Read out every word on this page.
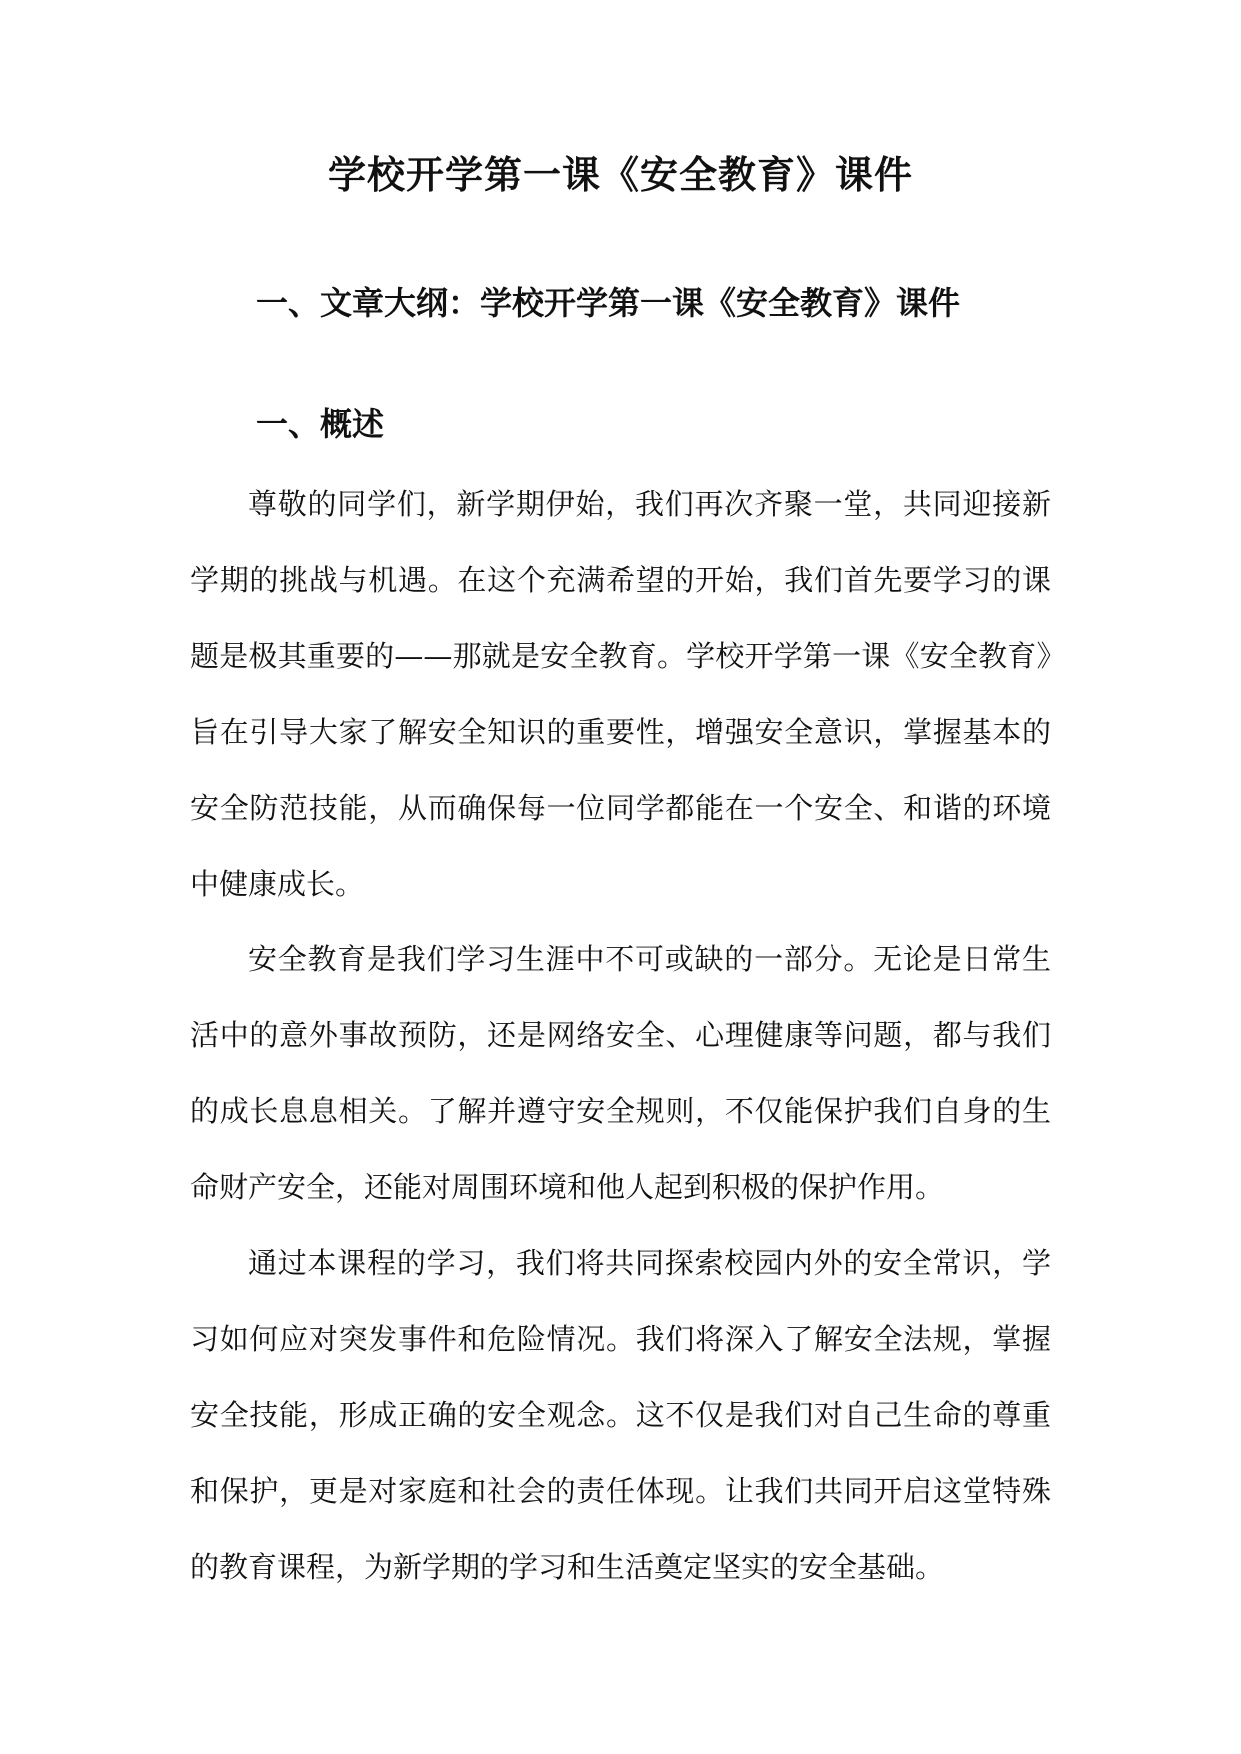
学校开学第一课《安全教育》课件
一、文章大纲：学校开学第一课《安全教育》课件
一、概述

尊敬的同学们，新学期伊始，我们再次齐聚一堂，共同迎接新学期的挑战与机遇。在这个充满希望的开始，我们首先要学习的课题是极其重要的——那就是安全教育。学校开学第一课《安全教育》旨在引导大家了解安全知识的重要性，增强安全意识，掌握基本的安全防范技能，从而确保每一位同学都能在一个安全、和谐的环境中健康成长。

安全教育是我们学习生涯中不可或缺的一部分。无论是日常生活中的意外事故预防，还是网络安全、心理健康等问题，都与我们的成长息息相关。了解并遵守安全规则，不仅能保护我们自身的生命财产安全，还能对周围环境和他人起到积极的保护作用。

通过本课程的学习，我们将共同探索校园内外的安全常识，学习如何应对突发事件和危险情况。我们将深入了解安全法规，掌握安全技能，形成正确的安全观念。这不仅是我们对自己生命的尊重和保护，更是对家庭和社会的责任体现。让我们共同开启这堂特殊的教育课程，为新学期的学习和生活奠定坚实的安全基础。
